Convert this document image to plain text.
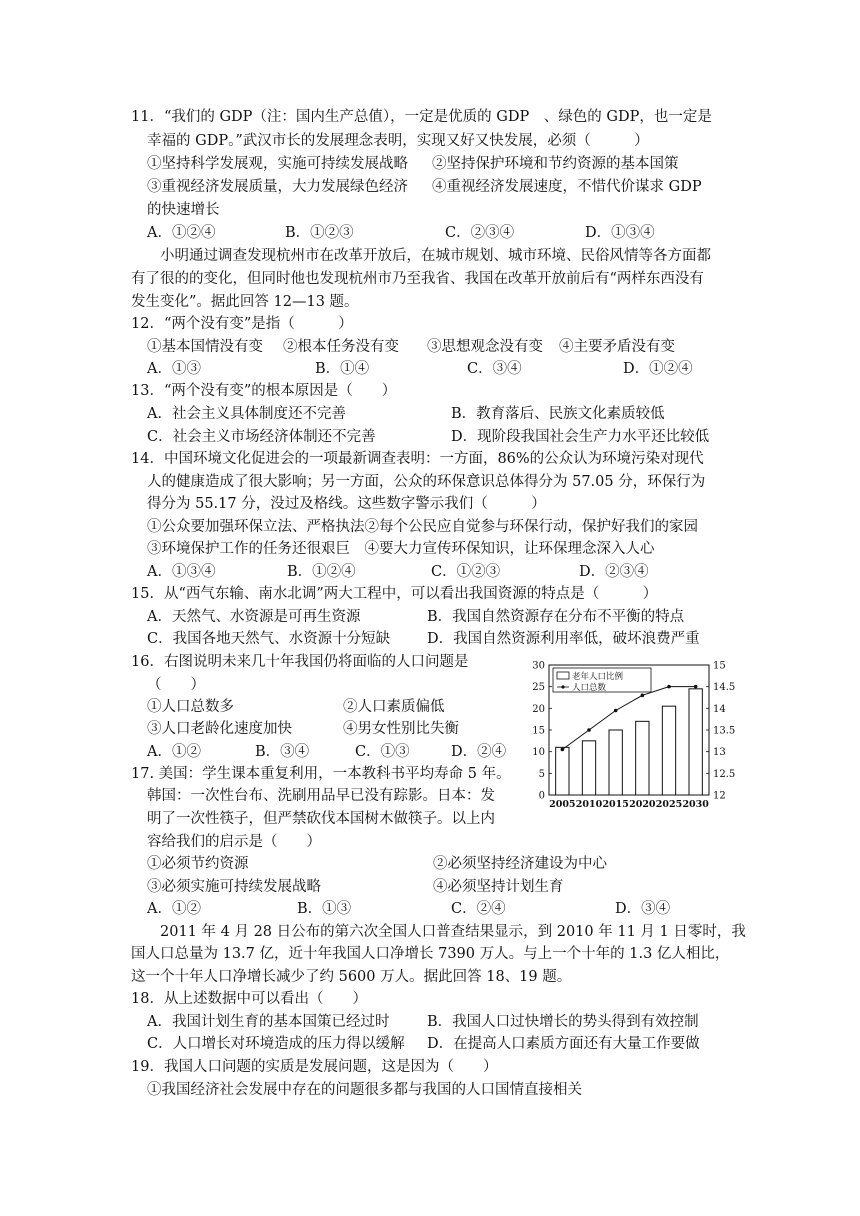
11．“我们的 GDP（注：国内生产总值），一定是优质的 GDP　、绿色的 GDP，也一定是
幸福的 GDP。”武汉市长的发展理念表明，实现又好又快发展，必须（　　　）
①坚持科学发展观，实施可持续发展战略 ②坚持保护环境和节约资源的基本国策
③重视经济发展质量，大力发展绿色经济 ④重视经济发展速度，不惜代价谋求 GDP
的快速增长
A．①②④	B．①②③	C．②③④	D．①③④
小明通过调查发现杭州市在改革开放后，在城市规划、城市环境、民俗风情等各方面都
有了很的的变化，但同时他也发现杭州市乃至我省、我国在改革开放前后有“两样东西没有
发生变化”。据此回答 12—13 题。
12．“两个没有变”是指（　　　）
①基本国情没有变 ②根本任务没有变 ③思想观念没有变 ④主要矛盾没有变
A．①③	B．①④	C．③④	D．①②④
13．“两个没有变”的根本原因是（　　）
A．社会主义具体制度还不完善	B．教育落后、民族文化素质较低
C．社会主义市场经济体制还不完善	D．现阶段我国社会生产力水平还比较低
14．中国环境文化促进会的一项最新调查表明：一方面，86%的公众认为环境污染对现代
人的健康造成了很大影响；另一方面，公众的环保意识总体得分为 57.05 分，环保行为
得分为 55.17 分，没过及格线。这些数字警示我们（　　　）
①公众要加强环保立法、严格执法②每个公民应自觉参与环保行动，保护好我们的家园
③环境保护工作的任务还很艰巨　④要大力宣传环保知识，让环保理念深入人心
A．①③④	B．①②④	C．①②③	D．②③④
15．从“西气东输、南水北调”两大工程中，可以看出我国资源的特点是（　　　）
A．天然气、水资源是可再生资源	B．我国自然资源存在分布不平衡的特点
C．我国各地天然气、水资源十分短缺	D．我国自然资源利用率低，破坏浪费严重
16．右图说明未来几十年我国仍将面临的人口问题是
（　　）
①人口总数多	②人口素质偏低
③人口老龄化速度加快	④男女性别比失衡
A．①②	B．③④	C．①③	D．②④
0
5
10
15
20
25
30
12
12.5
13
13.5
14
14.5
15
2005 2010 2015 2020 2025 2030
老年人口比例
人口总数
17. 美国：学生课本重复利用，一本教科书平均寿命 5 年。
韩国：一次性台布、洗刷用品早已没有踪影。日本：发
明了一次性筷子，但严禁砍伐本国树木做筷子。以上内
容给我们的启示是（　　）
①必须节约资源	②必须坚持经济建设为中心
③必须实施可持续发展战略	④必须坚持计划生育
A．①②	B．①③	C．②④	D．③④
2011 年 4 月 28 日公布的第六次全国人口普查结果显示，到 2010 年 11 月 1 日零时，我
国人口总量为 13.7 亿，近十年我国人口净增长 7390 万人。与上一个十年的 1.3 亿人相比，
这一个十年人口净增长减少了约 5600 万人。据此回答 18、19 题。
18．从上述数据中可以看出（　　）
A．我国计划生育的基本国策已经过时	B．我国人口过快增长的势头得到有效控制
C．人口增长对环境造成的压力得以缓解 D．在提高人口素质方面还有大量工作要做
19．我国人口问题的实质是发展问题，这是因为（　　）
①我国经济社会发展中存在的问题很多都与我国的人口国情直接相关
